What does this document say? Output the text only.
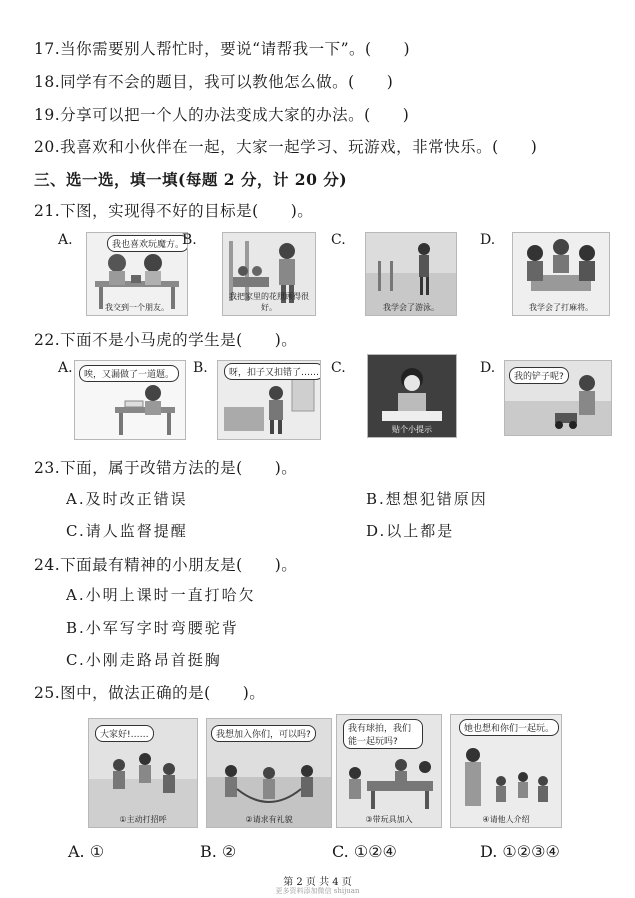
17.当你需要别人帮忙时，要说“请帮我一下”。(　　)
18.同学有不会的题目，我可以教他怎么做。(　　)
19.分享可以把一个人的办法变成大家的办法。(　　)
20.我喜欢和小伙伴在一起，大家一起学习、玩游戏，非常快乐。(　　)
三、选一选，填一填(每题 2 分，计 20 分)
21.下图，实现得不好的目标是(　　)。
A.	我也喜欢玩魔方。
我交到一个朋友。
B.
我把家里的花照顾得很好。
C.
我学会了游泳。
D.
我学会了打麻将。
22.下面不是小马虎的学生是(　　)。
A.	唉，又漏做了一道题。	B.	呀，扣子又扣错了…… C.
贴个小提示
D.
我的铲子呢?
23.下面，属于改错方法的是(　　)。
A.及时改正错误	B.想想犯错原因
C.请人监督提醒	D.以上都是
24.下面最有精神的小朋友是(　　)。
A.小明上课时一直打哈欠
B.小军写字时弯腰驼背
C.小刚走路昂首挺胸
25.图中，做法正确的是(　　)。
大家好!……
①主动打招呼
我想加入你们，可以吗?
②请求有礼貌
我有球拍，我们能一起玩吗?
③带玩具加入
她也想和你们一起玩。
④请他人介绍
A. ①	B. ②	C. ①②④	D. ①②③④
第 2 页 共 4 页
更多资料添加微信 shijuan
